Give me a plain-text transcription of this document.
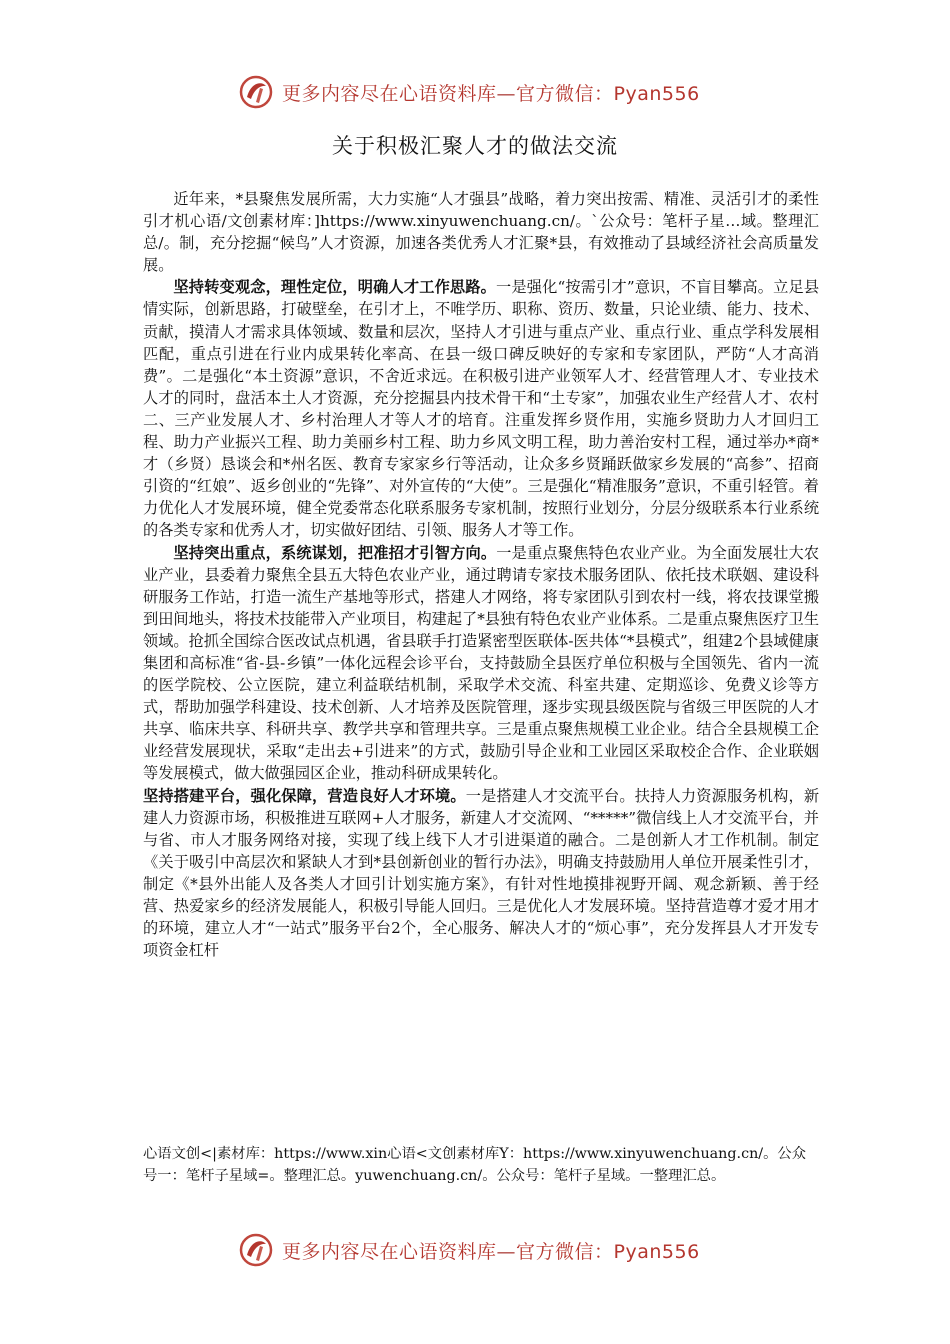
更多内容尽在心语资料库—官方微信：Pyan556
关于积极汇聚人才的做法交流

近年来，*县聚焦发展所需，大力实施“人才强县”战略，着力突出按需、精准、灵活引才的柔性引才机心语/文创素材库：]https://www.xinyuwenchuang.cn/。`公众号：笔杆子星…域。整理汇总/。制，充分挖掘“候鸟”人才资源，加速各类优秀人才汇聚*县，有效推动了县域经济社会高质量发展。

坚持转变观念，理性定位，明确人才工作思路。一是强化“按需引才”意识，不盲目攀高。立足县情实际，创新思路，打破壁垒，在引才上，不唯学历、职称、资历、数量，只论业绩、能力、技术、贡献，摸清人才需求具体领域、数量和层次，坚持人才引进与重点产业、重点行业、重点学科发展相匹配，重点引进在行业内成果转化率高、在县一级口碑反映好的专家和专家团队，严防“人才高消费”。二是强化“本土资源”意识，不舍近求远。在积极引进产业领军人才、经营管理人才、专业技术人才的同时，盘活本土人才资源，充分挖掘县内技术骨干和“土专家”，加强农业生产经营人才、农村二、三产业发展人才、乡村治理人才等人才的培育。注重发挥乡贤作用，实施乡贤助力人才回归工程、助力产业振兴工程、助力美丽乡村工程、助力乡风文明工程，助力善治安村工程，通过举办*商*才（乡贤）恳谈会和*州名医、教育专家家乡行等活动，让众多乡贤踊跃做家乡发展的“高参”、招商引资的“红娘”、返乡创业的“先锋”、对外宣传的“大使”。三是强化“精准服务”意识，不重引轻管。着力优化人才发展环境，健全党委常态化联系服务专家机制，按照行业划分，分层分级联系本行业系统的各类专家和优秀人才，切实做好团结、引领、服务人才等工作。

坚持突出重点，系统谋划，把准招才引智方向。一是重点聚焦特色农业产业。为全面发展壮大农业产业，县委着力聚焦全县五大特色农业产业，通过聘请专家技术服务团队、依托技术联姻、建设科研服务工作站，打造一流生产基地等形式，搭建人才网络，将专家团队引到农村一线，将农技课堂搬到田间地头，将技术技能带入产业项目，构建起了*县独有特色农业产业体系。二是重点聚焦医疗卫生领域。抢抓全国综合医改试点机遇，省县联手打造紧密型医联体-医共体“*县模式”，组建2个县域健康集团和高标准“省-县-乡镇”一体化远程会诊平台，支持鼓励全县医疗单位积极与全国领先、省内一流的医学院校、公立医院，建立利益联结机制，采取学术交流、科室共建、定期巡诊、免费义诊等方式，帮助加强学科建设、技术创新、人才培养及医院管理，逐步实现县级医院与省级三甲医院的人才共享、临床共享、科研共享、教学共享和管理共享。三是重点聚焦规模工业企业。结合全县规模工企业经营发展现状，采取“走出去+引进来”的方式，鼓励引导企业和工业园区采取校企合作、企业联姻等发展模式，做大做强园区企业，推动科研成果转化。

坚持搭建平台，强化保障，营造良好人才环境。一是搭建人才交流平台。扶持人力资源服务机构，新建人力资源市场，积极推进互联网+人才服务，新建人才交流网、“*****”微信线上人才交流平台，并与省、市人才服务网络对接，实现了线上线下人才引进渠道的融合。二是创新人才工作机制。制定《关于吸引中高层次和紧缺人才到*县创新创业的暂行办法》，明确支持鼓励用人单位开展柔性引才，制定《*县外出能人及各类人才回引计划实施方案》，有针对性地摸排视野开阔、观念新颖、善于经营、热爱家乡的经济发展能人，积极引导能人回归。三是优化人才发展环境。坚持营造尊才爱才用才的环境，建立人才“一站式”服务平台2个，全心服务、解决人才的“烦心事”，充分发挥县人才开发专项资金杠杆

心语文创<|素材库：https://www.xin心语<文创素材库Y：https://www.xinyuwenchuang.cn/。公众号一：笔杆子星域=。整理汇总。yuwenchuang.cn/。公众号：笔杆子星域。一整理汇总。
更多内容尽在心语资料库—官方微信：Pyan556
